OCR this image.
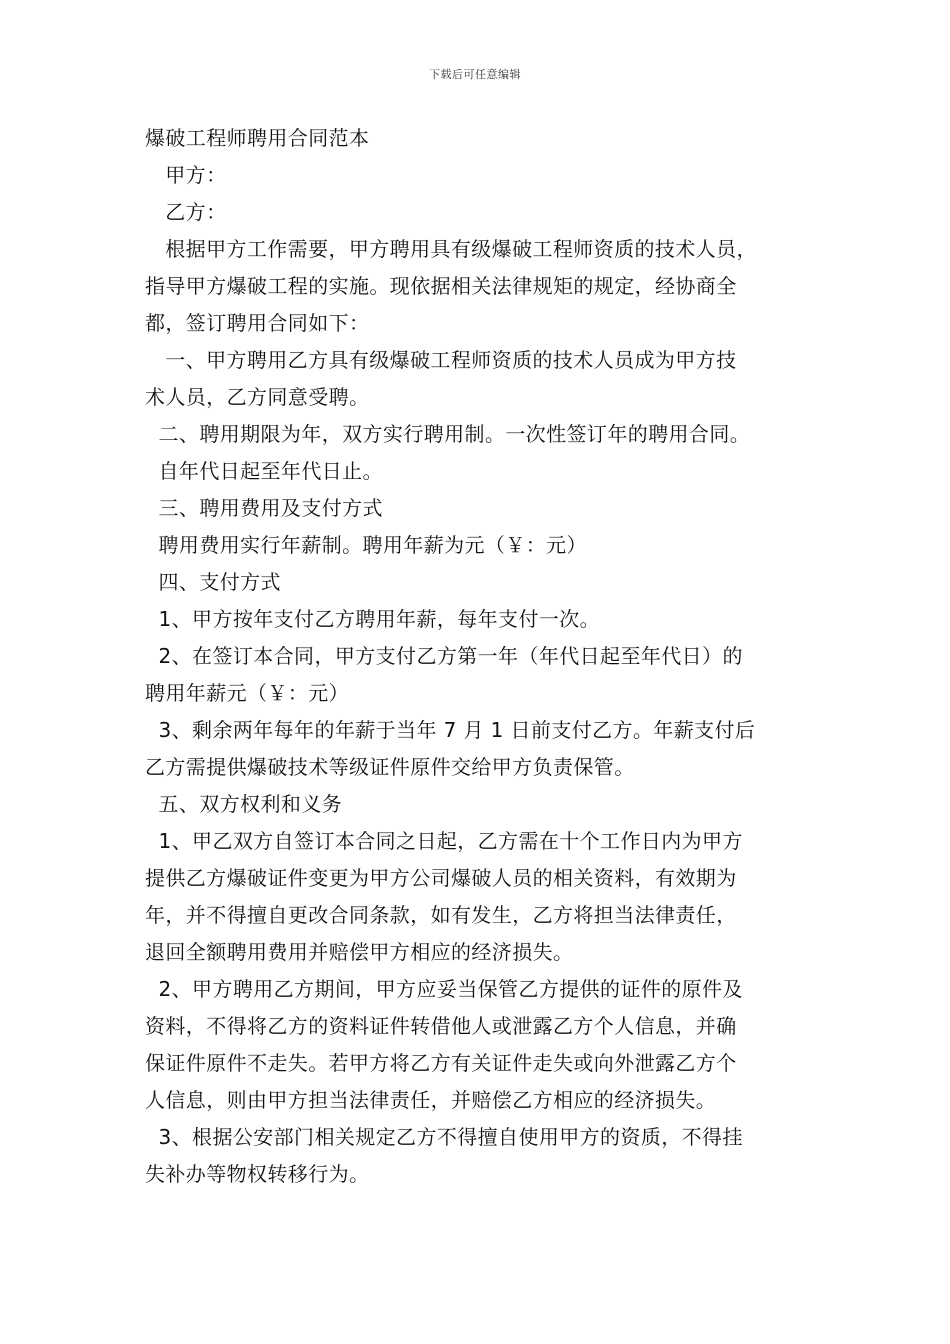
下载后可任意编辑
爆破工程师聘用合同范本
甲方：
乙方：
根据甲方工作需要，甲方聘用具有级爆破工程师资质的技术人员，
指导甲方爆破工程的实施。现依据相关法律规矩的规定，经协商全
都，签订聘用合同如下：
一、甲方聘用乙方具有级爆破工程师资质的技术人员成为甲方技
术人员，乙方同意受聘。
二、聘用期限为年，双方实行聘用制。一次性签订年的聘用合同。
自年代日起至年代日止。
三、聘用费用及支付方式
聘用费用实行年薪制。聘用年薪为元（￥：元）
四、支付方式
1、甲方按年支付乙方聘用年薪，每年支付一次。
2、在签订本合同，甲方支付乙方第一年（年代日起至年代日）的
聘用年薪元（￥：元）
3、剩余两年每年的年薪于当年 7 月 1 日前支付乙方。年薪支付后
乙方需提供爆破技术等级证件原件交给甲方负责保管。
五、双方权利和义务
1、甲乙双方自签订本合同之日起，乙方需在十个工作日内为甲方
提供乙方爆破证件变更为甲方公司爆破人员的相关资料，有效期为
年，并不得擅自更改合同条款，如有发生，乙方将担当法律责任，
退回全额聘用费用并赔偿甲方相应的经济损失。
2、甲方聘用乙方期间，甲方应妥当保管乙方提供的证件的原件及
资料，不得将乙方的资料证件转借他人或泄露乙方个人信息，并确
保证件原件不走失。若甲方将乙方有关证件走失或向外泄露乙方个
人信息，则由甲方担当法律责任，并赔偿乙方相应的经济损失。
3、根据公安部门相关规定乙方不得擅自使用甲方的资质，不得挂
失补办等物权转移行为。
